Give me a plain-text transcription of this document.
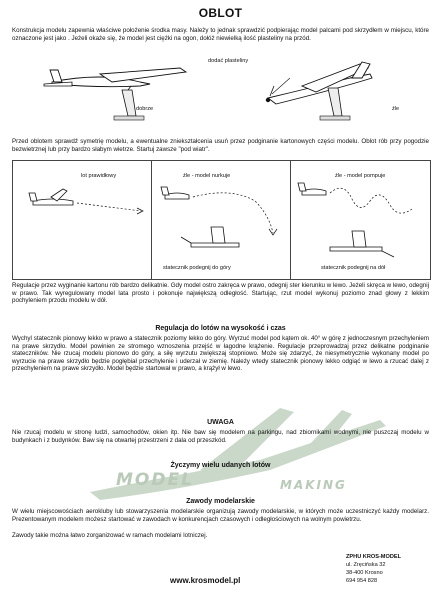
OBLOT
Konstrukcja modelu zapewnia właściwe położenie środka masy. Należy to jednak sprawdzić podpierając model palcami pod skrzydłem w miejscu, które oznaczone jest jako . Jeżeli okaże się, że model jest ciężki na ogon, dołóż niewielką ilość plasteliny na przód.
dobrze
dodać plasteliny
źle
Przed oblotem sprawdź symetrię modelu, a ewentualne zniekształcenia usuń przez podginanie kartonowych części modelu. Oblot rób przy pogodzie bezwietrznej lub przy bardzo słabym wietrze. Startuj zawsze "pod wiatr".
lot prawidłowy	źle - model nurkuje
statecznik podegnij do góry
źle - model pompuje
statecznik podegnij na dół
Regulacje przez wyginanie kartonu rób bardzo delikatnie. Gdy model ostro zakręca w prawo, odegnij ster kierunku w lewo. Jeżeli skręca w lewo, odegnij w prawo. Tak wyregulowany model lata prosto i pokonuje największą odległość. Startując, rzut model wykonuj poziomo znad głowy z lekkim pochyleniem przodu modelu w dół.
MODEL	MAKING
Regulacja do lotów na wysokość i czas
Wychyl statecznik pionowy lekko w prawo a statecznik poziomy lekko do góry. Wyrzuć model pod kątem ok. 40° w górę z jednoczesnym przechyleniem na prawe skrzydło. Model powinien ze stromego wznoszenia przejść w łagodne krążenie. Regulacje przeprowadzaj przez delikatne podginanie stateczników. Nie rzucaj modelu pionowo do góry, a siłę wyrzutu zwiększaj stopniowo. Może się zdarzyć, że niesymetrycznie wykonany model po wyrzucie na prawe skrzydło będzie pogłębiał przechylenie i uderzał w ziemię. Należy wtedy statecznik pionowy lekko odgiąć w lewo a rzucać dalej z przechyleniem na prawe skrzydło. Model będzie startował w prawo, a krążył w lewo.
UWAGA
Nie rzucaj modelu w stronę ludzi, samochodów, okien itp. Nie baw się modelem na parkingu, nad zbiornikami wodnymi, nie puszczaj modelu w budynkach i z budynków. Baw się na otwartej przestrzeni z dala od przeszkód.
Życzymy wielu udanych lotów
Zawody modelarskie
W wielu miejscowościach aerokluby lub stowarzyszenia modelarskie organizują zawody modelarskie, w których może uczestniczyć każdy modelarz. Prezentowanym modelem możesz startować w zawodach w konkurencjach czasowych i odległościowych na wolnym powietrzu.
Zawody takie można łatwo zorganizować w ramach modelami lotniczej.
www.krosmodel.pl
ZPHU KROS-MODEL
ul. Zręcińska 32
38-400 Krosno
694 954 828
